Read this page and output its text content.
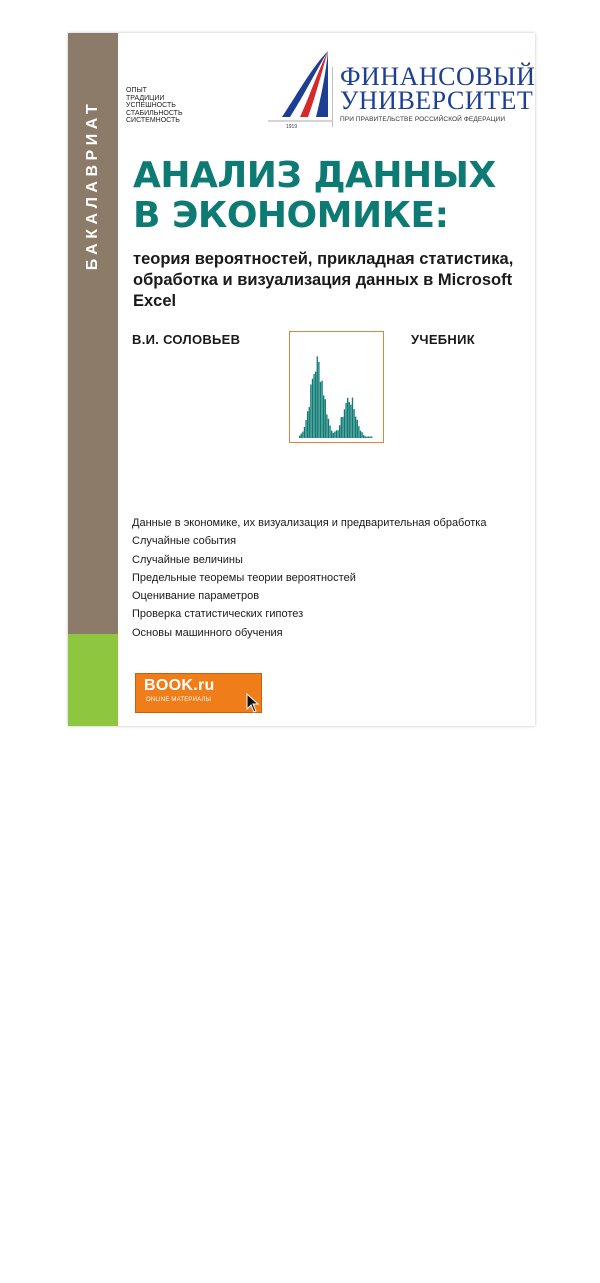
БАКАЛАВРИАТ
КНОРУС
ОПЫТ
ТРАДИЦИИ
УСПЕШНОСТЬ
СТАБИЛЬНОСТЬ
СИСТЕМНОСТЬ
1919
ФИНАНСОВЫЙ
УНИВЕРСИТЕТ
ПРИ ПРАВИТЕЛЬСТВЕ РОССИЙСКОЙ ФЕДЕРАЦИИ
АНАЛИЗ ДАННЫХ
В ЭКОНОМИКЕ:
теория вероятностей, прикладная статистика, обработка и визуализация данных в Microsoft Excel
В.И. СОЛОВЬЕВ	УЧЕБНИК
Данные в экономике, их визуализация и предварительная обработка
Случайные события
Случайные величины
Предельные теоремы теории вероятностей
Оценивание параметров
Проверка статистических гипотез
Основы машинного обучения
BOOK.ru
ONLINE МАТЕРИАЛЫ
